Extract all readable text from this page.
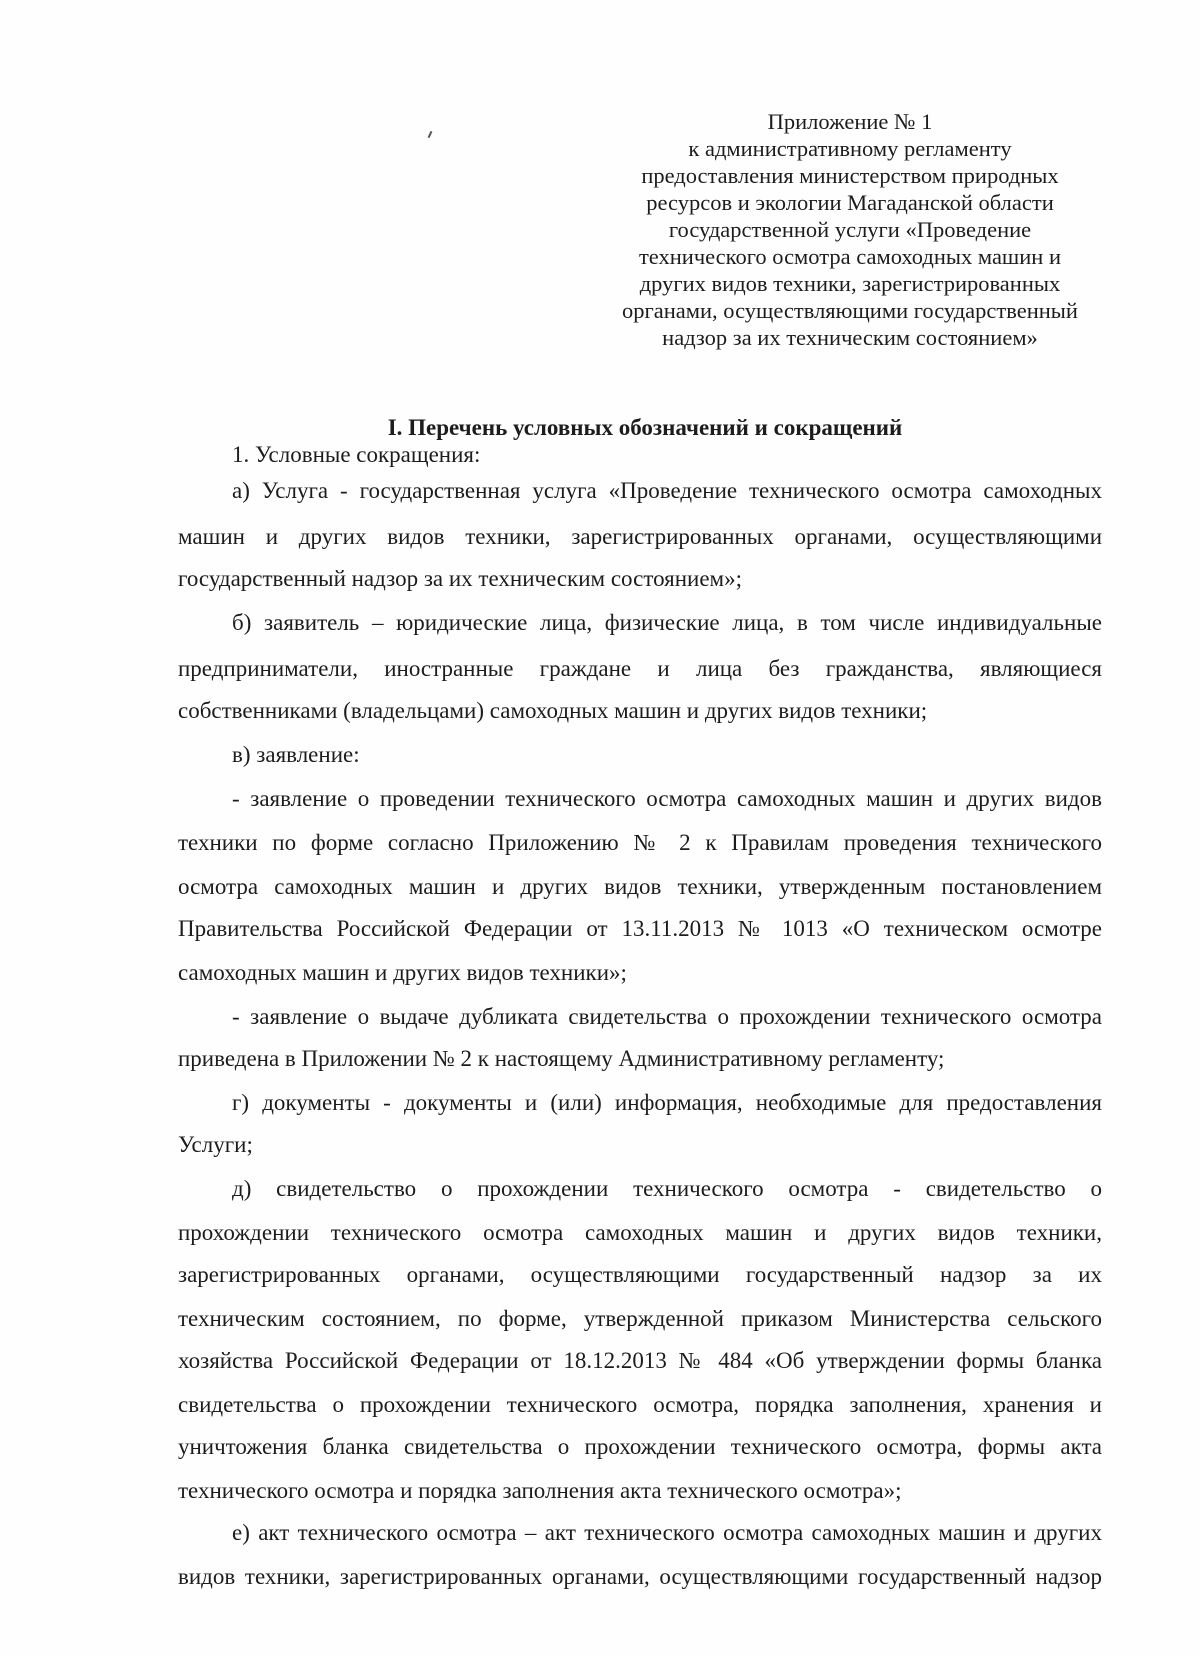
Приложение № 1
к административному регламенту
предоставления министерством природных
ресурсов и экологии Магаданской области
государственной услуги «Проведение
технического осмотра самоходных машин и
других видов техники, зарегистрированных
органами, осуществляющими государственный
надзор за их техническим состоянием»
I. Перечень условных обозначений и сокращений
1. Условные сокращения:
а) Услуга - государственная услуга «Проведение технического осмотра самоходных
машин и других видов техники, зарегистрированных органами, осуществляющими
государственный надзор за их техническим состоянием»;
б) заявитель – юридические лица, физические лица, в том числе индивидуальные
предприниматели, иностранные граждане и лица без гражданства, являющиеся
собственниками (владельцами) самоходных машин и других видов техники;
в) заявление:
- заявление о проведении технического осмотра самоходных машин и других видов
техники по форме согласно Приложению № 2 к Правилам проведения технического
осмотра самоходных машин и других видов техники, утвержденным постановлением
Правительства Российской Федерации от 13.11.2013 № 1013 «О техническом осмотре
самоходных машин и других видов техники»;
- заявление о выдаче дубликата свидетельства о прохождении технического осмотра
приведена в Приложении № 2 к настоящему Административному регламенту;
г) документы - документы и (или) информация, необходимые для предоставления
Услуги;
д) свидетельство о прохождении технического осмотра - свидетельство о
прохождении технического осмотра самоходных машин и других видов техники,
зарегистрированных органами, осуществляющими государственный надзор за их
техническим состоянием, по форме, утвержденной приказом Министерства сельского
хозяйства Российской Федерации от 18.12.2013 № 484 «Об утверждении формы бланка
свидетельства о прохождении технического осмотра, порядка заполнения, хранения и
уничтожения бланка свидетельства о прохождении технического осмотра, формы акта
технического осмотра и порядка заполнения акта технического осмотра»;
е) акт технического осмотра – акт технического осмотра самоходных машин и других
видов техники, зарегистрированных органами, осуществляющими государственный надзор
